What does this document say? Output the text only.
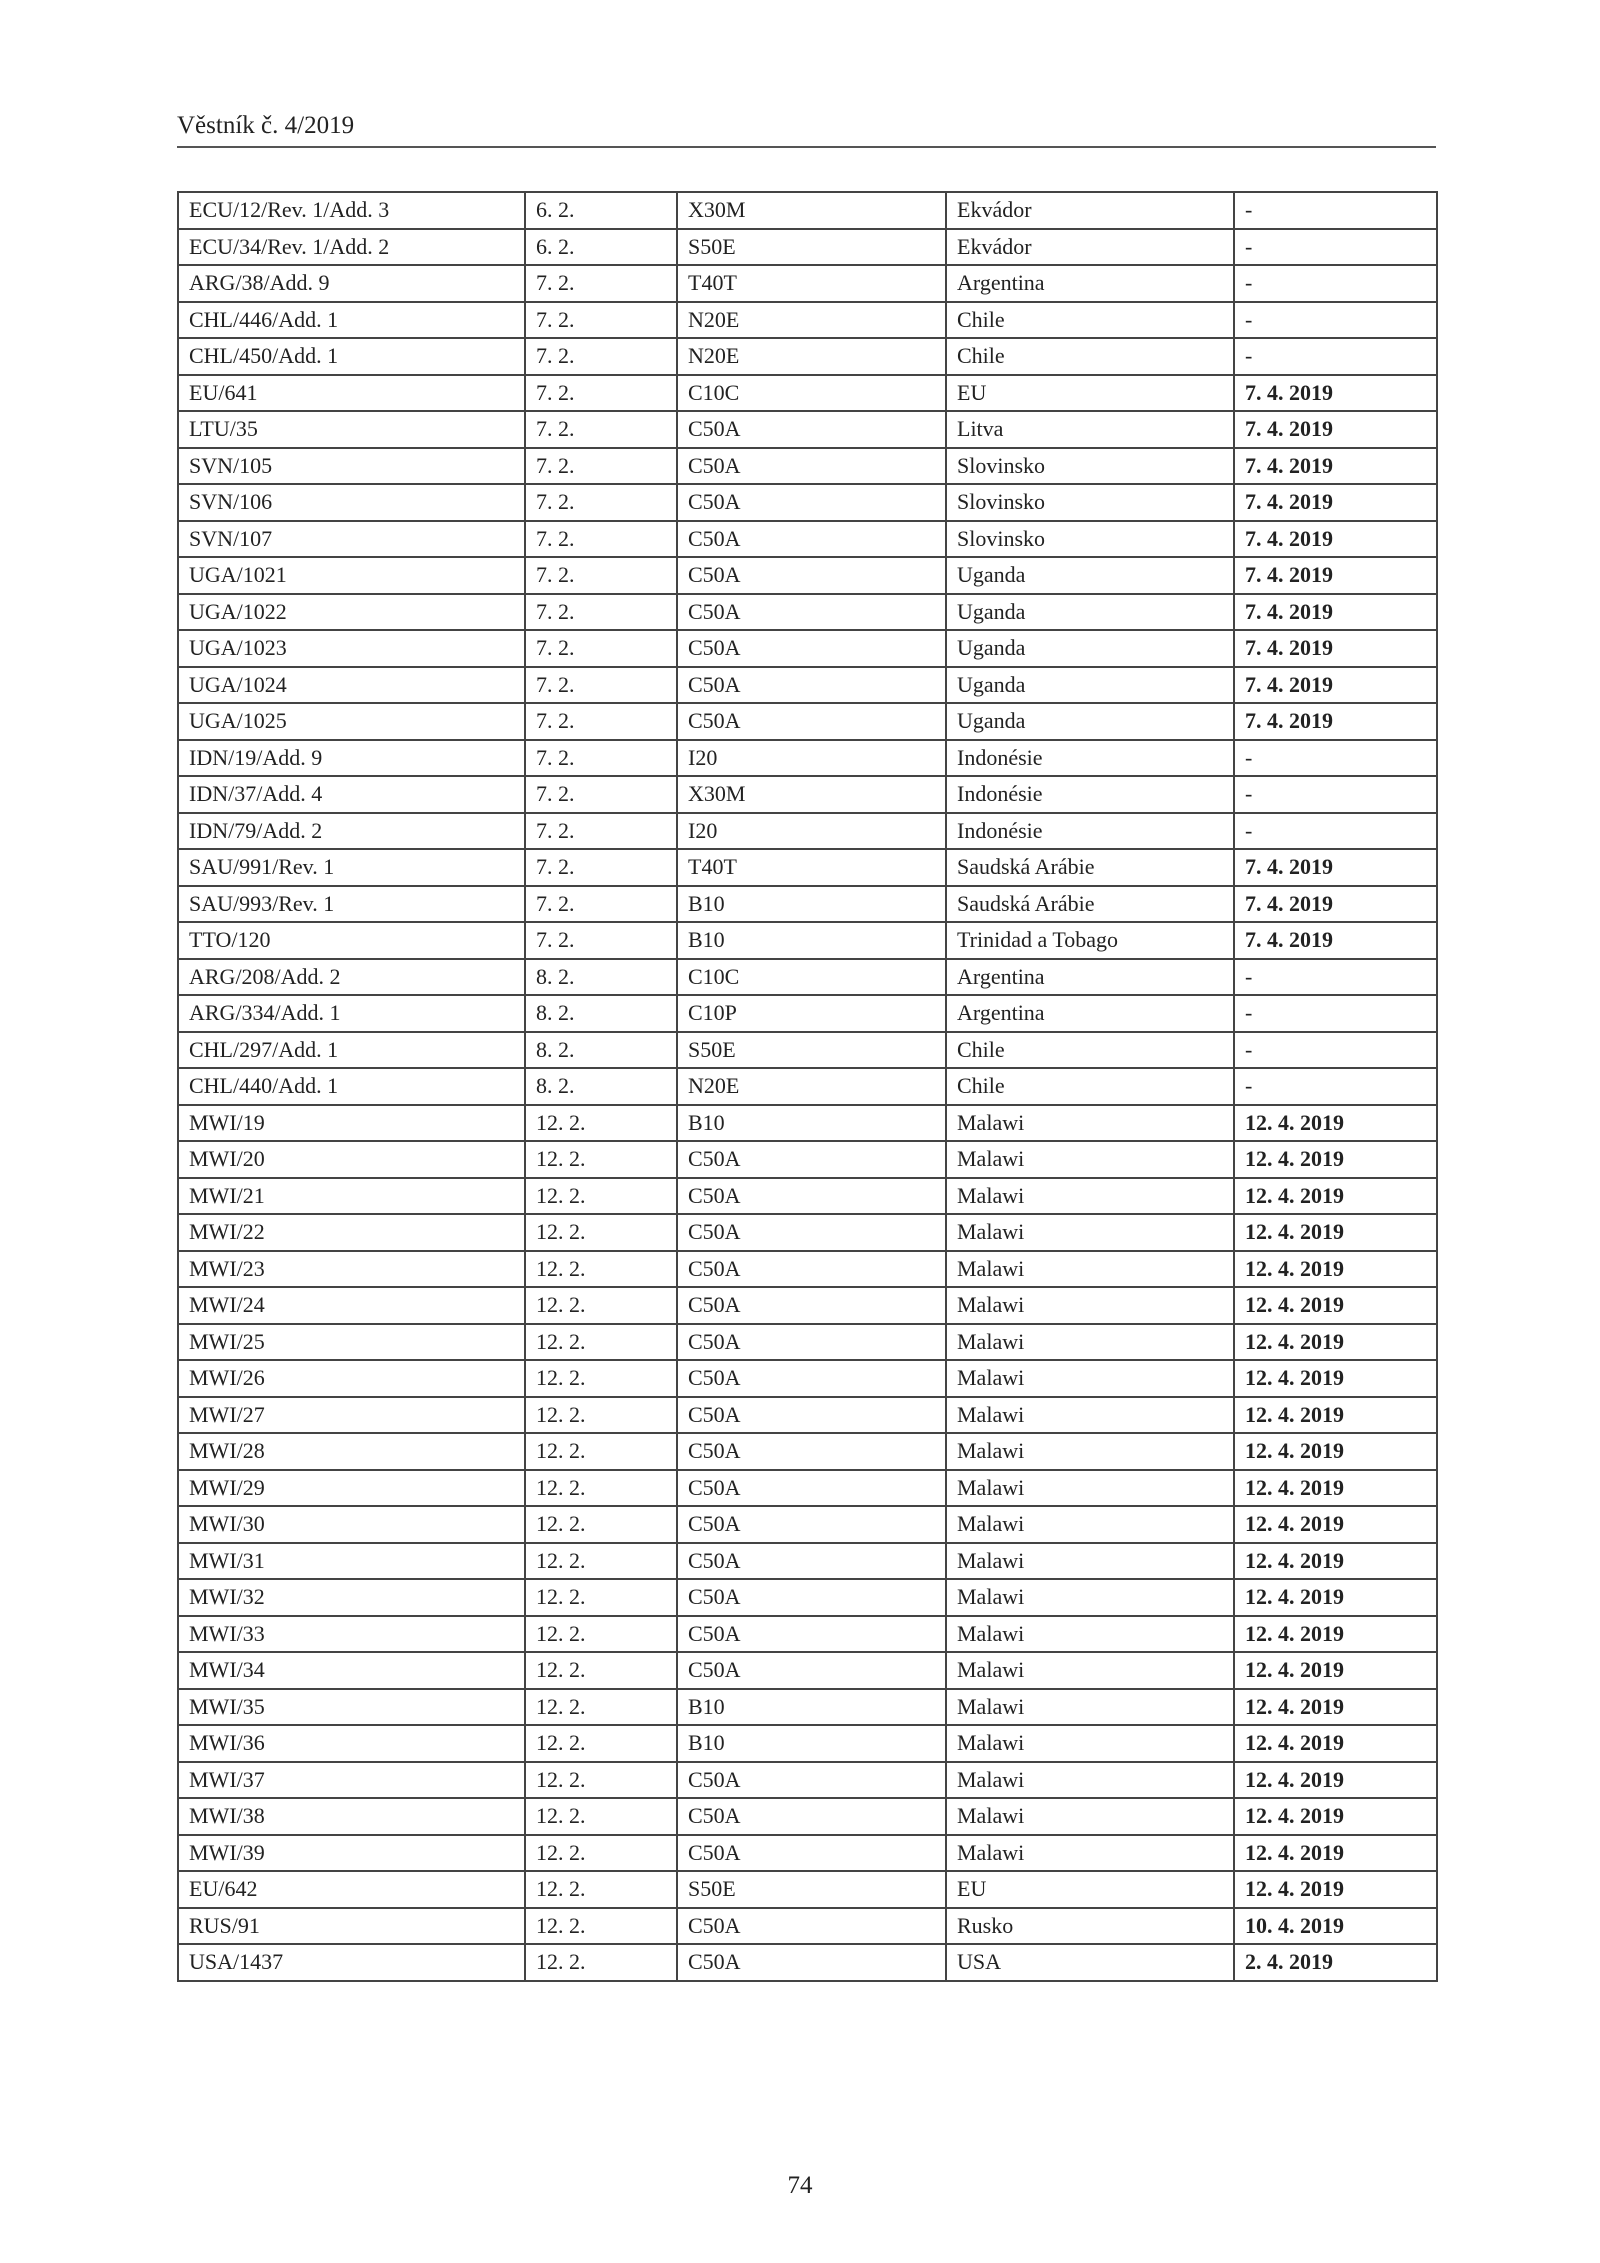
Věstník č. 4/2019
ECU/12/Rev. 1/Add. 3	6. 2.	X30M	Ekvádor	-
ECU/34/Rev. 1/Add. 2	6. 2.	S50E	Ekvádor	-
ARG/38/Add. 9	7. 2.	T40T	Argentina	-
CHL/446/Add. 1	7. 2.	N20E	Chile	-
CHL/450/Add. 1	7. 2.	N20E	Chile	-
EU/641	7. 2.	C10C	EU	7. 4. 2019
LTU/35	7. 2.	C50A	Litva	7. 4. 2019
SVN/105	7. 2.	C50A	Slovinsko	7. 4. 2019
SVN/106	7. 2.	C50A	Slovinsko	7. 4. 2019
SVN/107	7. 2.	C50A	Slovinsko	7. 4. 2019
UGA/1021	7. 2.	C50A	Uganda	7. 4. 2019
UGA/1022	7. 2.	C50A	Uganda	7. 4. 2019
UGA/1023	7. 2.	C50A	Uganda	7. 4. 2019
UGA/1024	7. 2.	C50A	Uganda	7. 4. 2019
UGA/1025	7. 2.	C50A	Uganda	7. 4. 2019
IDN/19/Add. 9	7. 2.	I20	Indonésie	-
IDN/37/Add. 4	7. 2.	X30M	Indonésie	-
IDN/79/Add. 2	7. 2.	I20	Indonésie	-
SAU/991/Rev. 1	7. 2.	T40T	Saudská Arábie	7. 4. 2019
SAU/993/Rev. 1	7. 2.	B10	Saudská Arábie	7. 4. 2019
TTO/120	7. 2.	B10	Trinidad a Tobago	7. 4. 2019
ARG/208/Add. 2	8. 2.	C10C	Argentina	-
ARG/334/Add. 1	8. 2.	C10P	Argentina	-
CHL/297/Add. 1	8. 2.	S50E	Chile	-
CHL/440/Add. 1	8. 2.	N20E	Chile	-
MWI/19	12. 2.	B10	Malawi	12. 4. 2019
MWI/20	12. 2.	C50A	Malawi	12. 4. 2019
MWI/21	12. 2.	C50A	Malawi	12. 4. 2019
MWI/22	12. 2.	C50A	Malawi	12. 4. 2019
MWI/23	12. 2.	C50A	Malawi	12. 4. 2019
MWI/24	12. 2.	C50A	Malawi	12. 4. 2019
MWI/25	12. 2.	C50A	Malawi	12. 4. 2019
MWI/26	12. 2.	C50A	Malawi	12. 4. 2019
MWI/27	12. 2.	C50A	Malawi	12. 4. 2019
MWI/28	12. 2.	C50A	Malawi	12. 4. 2019
MWI/29	12. 2.	C50A	Malawi	12. 4. 2019
MWI/30	12. 2.	C50A	Malawi	12. 4. 2019
MWI/31	12. 2.	C50A	Malawi	12. 4. 2019
MWI/32	12. 2.	C50A	Malawi	12. 4. 2019
MWI/33	12. 2.	C50A	Malawi	12. 4. 2019
MWI/34	12. 2.	C50A	Malawi	12. 4. 2019
MWI/35	12. 2.	B10	Malawi	12. 4. 2019
MWI/36	12. 2.	B10	Malawi	12. 4. 2019
MWI/37	12. 2.	C50A	Malawi	12. 4. 2019
MWI/38	12. 2.	C50A	Malawi	12. 4. 2019
MWI/39	12. 2.	C50A	Malawi	12. 4. 2019
EU/642	12. 2.	S50E	EU	12. 4. 2019
RUS/91	12. 2.	C50A	Rusko	10. 4. 2019
USA/1437	12. 2.	C50A	USA	2. 4. 2019
74
